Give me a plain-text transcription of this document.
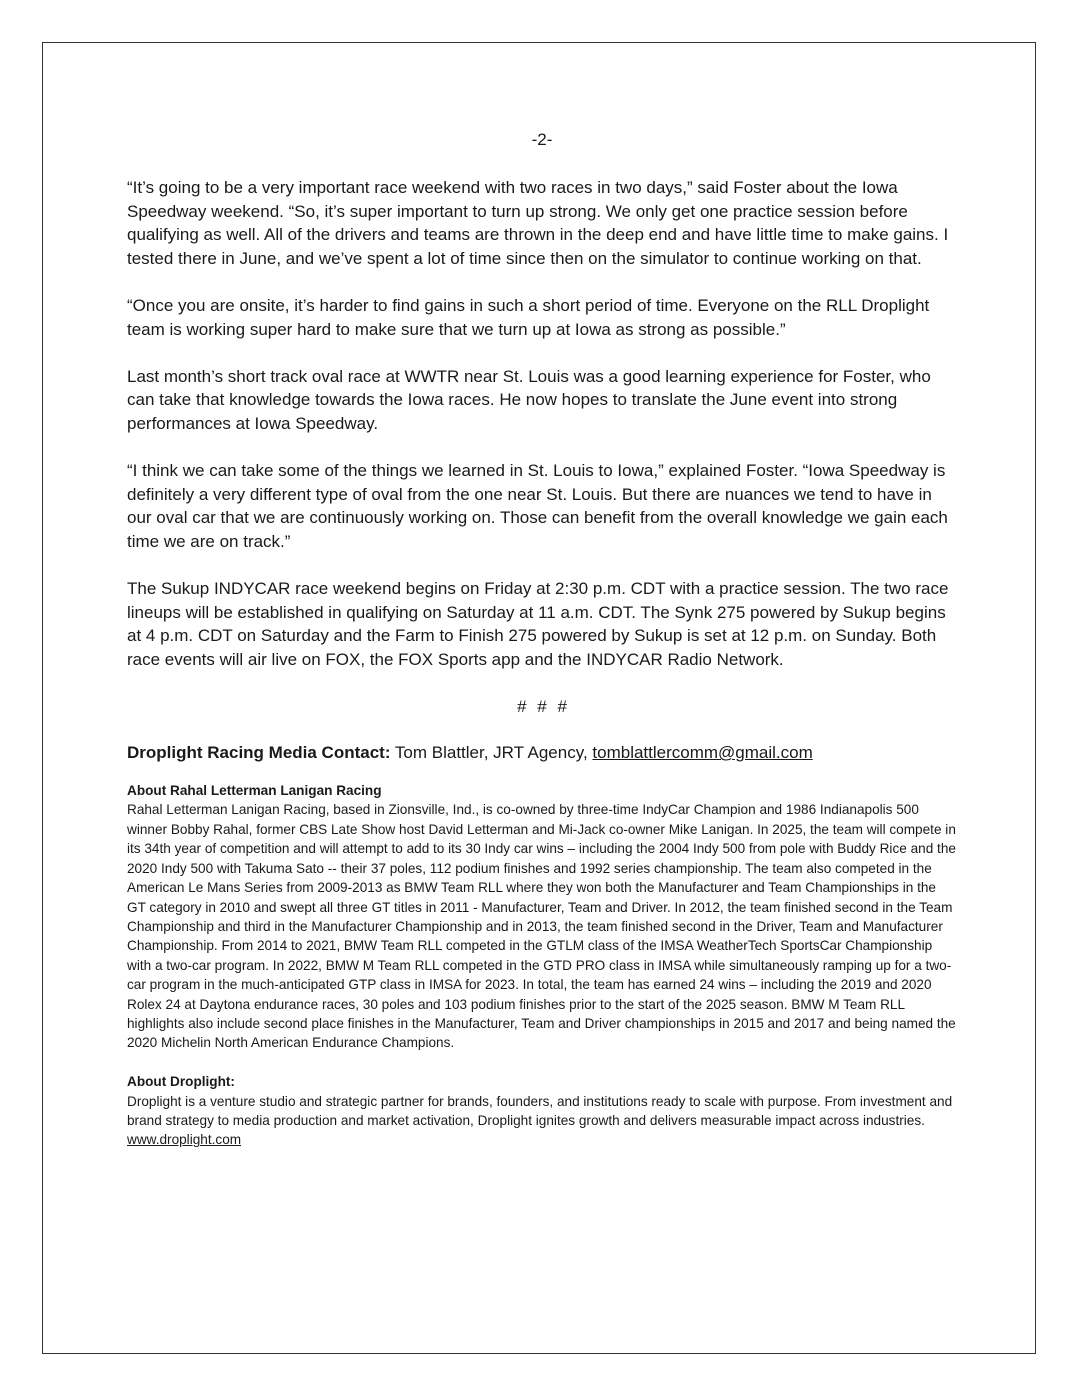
-2-

“It’s going to be a very important race weekend with two races in two days,” said Foster about the Iowa Speedway weekend. “So, it’s super important to turn up strong. We only get one practice session before qualifying as well. All of the drivers and teams are thrown in the deep end and have little time to make gains. I tested there in June, and we’ve spent a lot of time since then on the simulator to continue working on that.

“Once you are onsite, it’s harder to find gains in such a short period of time. Everyone on the RLL Droplight team is working super hard to make sure that we turn up at Iowa as strong as possible.”

Last month’s short track oval race at WWTR near St. Louis was a good learning experience for Foster, who can take that knowledge towards the Iowa races. He now hopes to translate the June event into strong performances at Iowa Speedway.

“I think we can take some of the things we learned in St. Louis to Iowa,” explained Foster. “Iowa Speedway is definitely a very different type of oval from the one near St. Louis. But there are nuances we tend to have in our oval car that we are continuously working on. Those can benefit from the overall knowledge we gain each time we are on track.”

The Sukup INDYCAR race weekend begins on Friday at 2:30 p.m. CDT with a practice session. The two race lineups will be established in qualifying on Saturday at 11 a.m. CDT. The Synk 275 powered by Sukup begins at 4 p.m. CDT on Saturday and the Farm to Finish 275 powered by Sukup is set at 12 p.m. on Sunday. Both race events will air live on FOX, the FOX Sports app and the INDYCAR Radio Network.

# # #

Droplight Racing Media Contact: Tom Blattler, JRT Agency, tomblattlercomm@gmail.com

About Rahal Letterman Lanigan Racing

Rahal Letterman Lanigan Racing, based in Zionsville, Ind., is co-owned by three-time IndyCar Champion and 1986 Indianapolis 500 winner Bobby Rahal, former CBS Late Show host David Letterman and Mi-Jack co-owner Mike Lanigan. In 2025, the team will compete in its 34th year of competition and will attempt to add to its 30 Indy car wins – including the 2004 Indy 500 from pole with Buddy Rice and the 2020 Indy 500 with Takuma Sato -- their 37 poles, 112 podium finishes and 1992 series championship. The team also competed in the American Le Mans Series from 2009-2013 as BMW Team RLL where they won both the Manufacturer and Team Championships in the GT category in 2010 and swept all three GT titles in 2011 - Manufacturer, Team and Driver. In 2012, the team finished second in the Team Championship and third in the Manufacturer Championship and in 2013, the team finished second in the Driver, Team and Manufacturer Championship. From 2014 to 2021, BMW Team RLL competed in the GTLM class of the IMSA WeatherTech SportsCar Championship with a two-car program. In 2022, BMW M Team RLL competed in the GTD PRO class in IMSA while simultaneously ramping up for a two-car program in the much-anticipated GTP class in IMSA for 2023. In total, the team has earned 24 wins – including the 2019 and 2020 Rolex 24 at Daytona endurance races, 30 poles and 103 podium finishes prior to the start of the 2025 season. BMW M Team RLL highlights also include second place finishes in the Manufacturer, Team and Driver championships in 2015 and 2017 and being named the 2020 Michelin North American Endurance Champions.

About Droplight:

Droplight is a venture studio and strategic partner for brands, founders, and institutions ready to scale with purpose. From investment and brand strategy to media production and market activation, Droplight ignites growth and delivers measurable impact across industries.

www.droplight.com
